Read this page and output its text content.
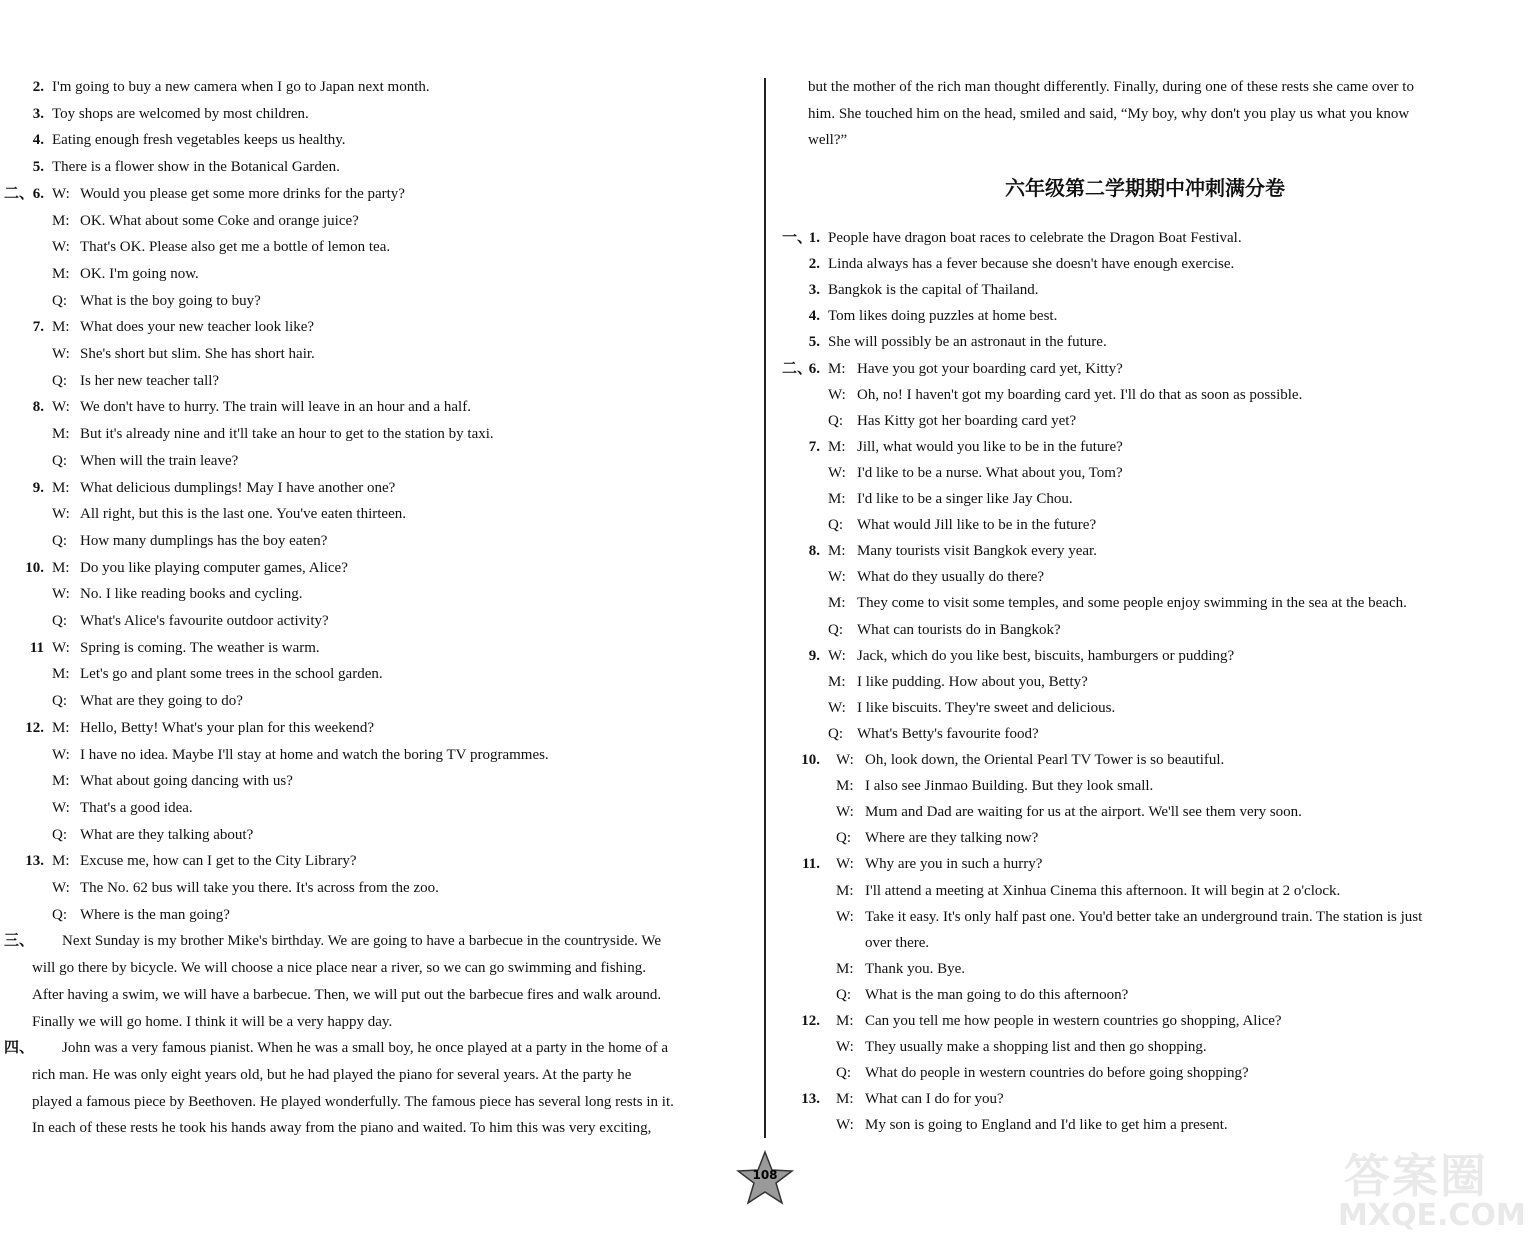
2. I'm going to buy a new camera when I go to Japan next month.
3. Toy shops are welcomed by most children.
4. Eating enough fresh vegetables keeps us healthy.
5. There is a flower show in the Botanical Garden.
二、
6. W: Would you please get some more drinks for the party?
M: OK. What about some Coke and orange juice?
W: That's OK. Please also get me a bottle of lemon tea.
M: OK. I'm going now.
Q: What is the boy going to buy?
7. M: What does your new teacher look like?
W: She's short but slim. She has short hair.
Q: Is her new teacher tall?
8. W: We don't have to hurry. The train will leave in an hour and a half.
M: But it's already nine and it'll take an hour to get to the station by taxi.
Q: When will the train leave?
9. M: What delicious dumplings! May I have another one?
W: All right, but this is the last one. You've eaten thirteen.
Q: How many dumplings has the boy eaten?
10. M: Do you like playing computer games, Alice?
W: No. I like reading books and cycling.
Q: What's Alice's favourite outdoor activity?
11 W: Spring is coming. The weather is warm.
M: Let's go and plant some trees in the school garden.
Q: What are they going to do?
12. M: Hello, Betty! What's your plan for this weekend?
W: I have no idea. Maybe I'll stay at home and watch the boring TV programmes.
M: What about going dancing with us?
W: That's a good idea.
Q: What are they talking about?
13. M: Excuse me, how can I get to the City Library?
W: The No. 62 bus will take you there. It's across from the zoo.
Q: Where is the man going?
三、 Next Sunday is my brother Mike's birthday. We are going to have a barbecue in the countryside. We
will go there by bicycle. We will choose a nice place near a river, so we can go swimming and fishing.
After having a swim, we will have a barbecue. Then, we will put out the barbecue fires and walk around.
Finally we will go home. I think it will be a very happy day.
四、 John was a very famous pianist. When he was a small boy, he once played at a party in the home of a
rich man. He was only eight years old, but he had played the piano for several years. At the party he
played a famous piece by Beethoven. He played wonderfully. The famous piece has several long rests in it.
In each of these rests he took his hands away from the piano and waited. To him this was very exciting,
but the mother of the rich man thought differently. Finally, during one of these rests she came over to
him. She touched him on the head, smiled and said, “My boy, why don't you play us what you know
well?”
一、
1. People have dragon boat races to celebrate the Dragon Boat Festival.
2. Linda always has a fever because she doesn't have enough exercise.
3. Bangkok is the capital of Thailand.
4. Tom likes doing puzzles at home best.
5. She will possibly be an astronaut in the future.
二、
6. M: Have you got your boarding card yet, Kitty?
W: Oh, no! I haven't got my boarding card yet. I'll do that as soon as possible.
Q: Has Kitty got her boarding card yet?
7. M: Jill, what would you like to be in the future?
W: I'd like to be a nurse. What about you, Tom?
M: I'd like to be a singer like Jay Chou.
Q: What would Jill like to be in the future?
8. M: Many tourists visit Bangkok every year.
W: What do they usually do there?
M: They come to visit some temples, and some people enjoy swimming in the sea at the beach.
Q: What can tourists do in Bangkok?
9. W: Jack, which do you like best, biscuits, hamburgers or pudding?
M: I like pudding. How about you, Betty?
W: I like biscuits. They're sweet and delicious.
Q: What's Betty's favourite food?
10. W: Oh, look down, the Oriental Pearl TV Tower is so beautiful.
M: I also see Jinmao Building. But they look small.
W: Mum and Dad are waiting for us at the airport. We'll see them very soon.
Q: Where are they talking now?
11. W: Why are you in such a hurry?
M: I'll attend a meeting at Xinhua Cinema this afternoon. It will begin at 2 o'clock.
W: Take it easy. It's only half past one. You'd better take an underground train. The station is just
over there.
M: Thank you. Bye.
Q: What is the man going to do this afternoon?
12. M: Can you tell me how people in western countries go shopping, Alice?
W: They usually make a shopping list and then go shopping.
Q: What do people in western countries do before going shopping?
13. M: What can I do for you?
W: My son is going to England and I'd like to get him a present.
六年级第二学期期中冲刺满分卷
108	答案圈
MXQE.COM
